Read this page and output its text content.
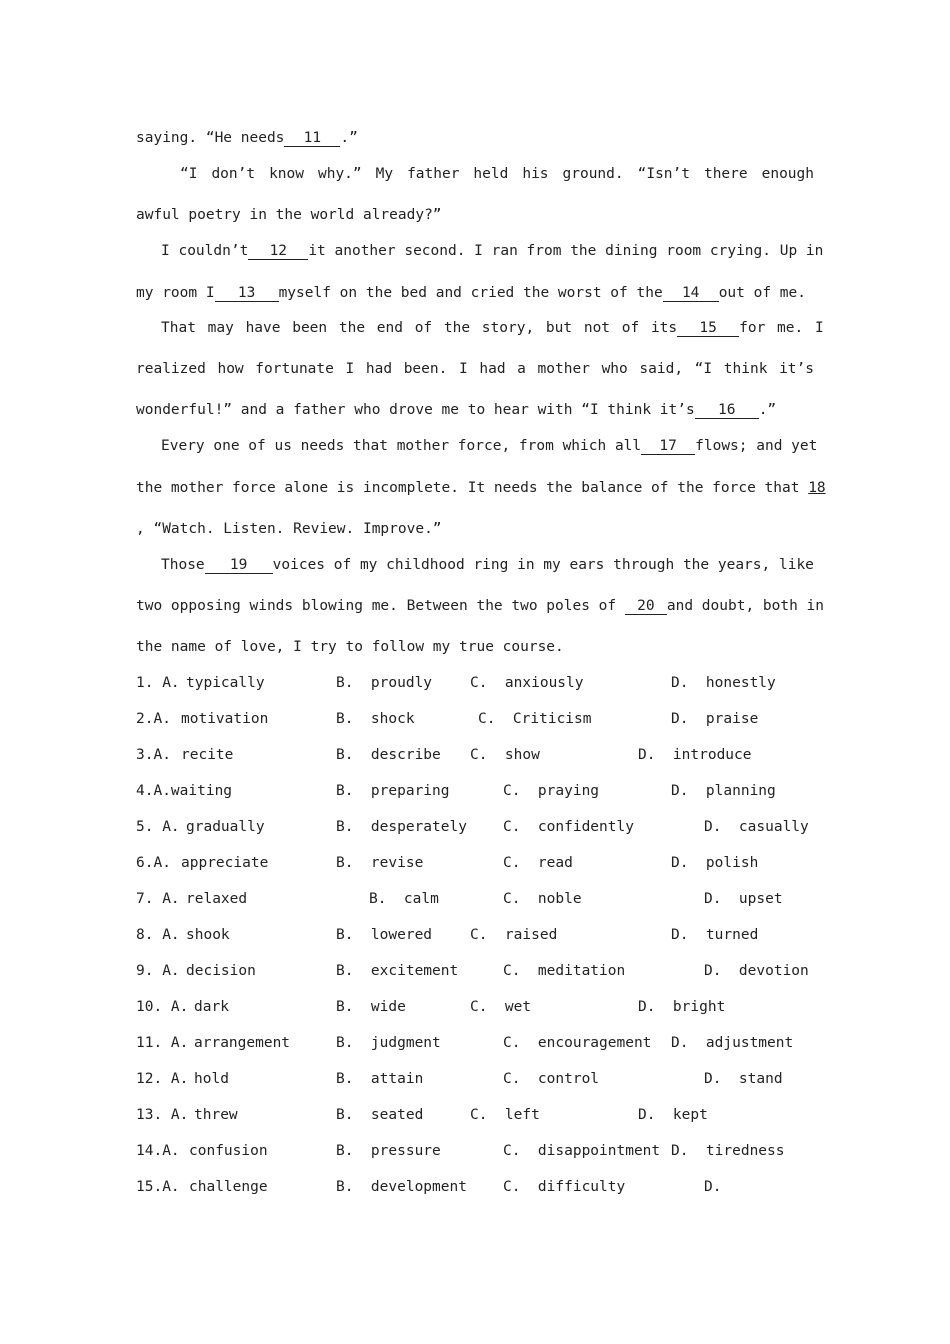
saying. “He needs 11 .”
“I don’t know why.” My father held his ground. “Isn’t there enough
awful poetry in the world already?”
I couldn’t 12 it another second. I ran from the dining room crying. Up in
my room I 13 myself on the bed and cried the worst of the 14 out of me.
That may have been the end of the story, but not of its 15 for me. I
realized how fortunate I had been. I had a mother who said, “I think it’s
wonderful!” and a father who drove me to hear with “I think it’s 16 .”
Every one of us needs that mother force, from which all 17 flows; and yet
the mother force alone is incomplete. It needs the balance of the force that 18
, “Watch. Listen. Review. Improve.”
Those 19 voices of my childhood ring in my ears through the years, like
two opposing winds blowing me. Between the two poles of 20 and doubt, both in
the name of love, I try to follow my true course.
1. A. typically	B.  proudly	C.  anxiously	D.  honestly
2.A. motivation	B.  shock	C.  Criticism	D.  praise
3.A. recite	B.  describe C.  show	D.  introduce
4.A.waiting	B.  preparing	C.  praying	D.  planning
5. A. gradually	B.  desperately C.  confidently	D.  casually
6.A. appreciate	B.  revise	C.  read	D.  polish
7. A. relaxed	B.  calm	C.  noble	D.  upset
8. A. shook	B.  lowered	C.  raised	D.  turned
9. A. decision	B.  excitement	C.  meditation	D.  devotion
10. A. dark	B.  wide	C.  wet	D.  bright
11. A. arrangement	B.  judgment	C.  encouragement D.  adjustment
12. A. hold	B.  attain	C.  control	D.  stand
13. A. threw	B.  seated	C.  left	D.  kept
14.A. confusion	B.  pressure	C.  disappointment D.  tiredness
15.A. challenge	B.  development C.  difficulty	D.
